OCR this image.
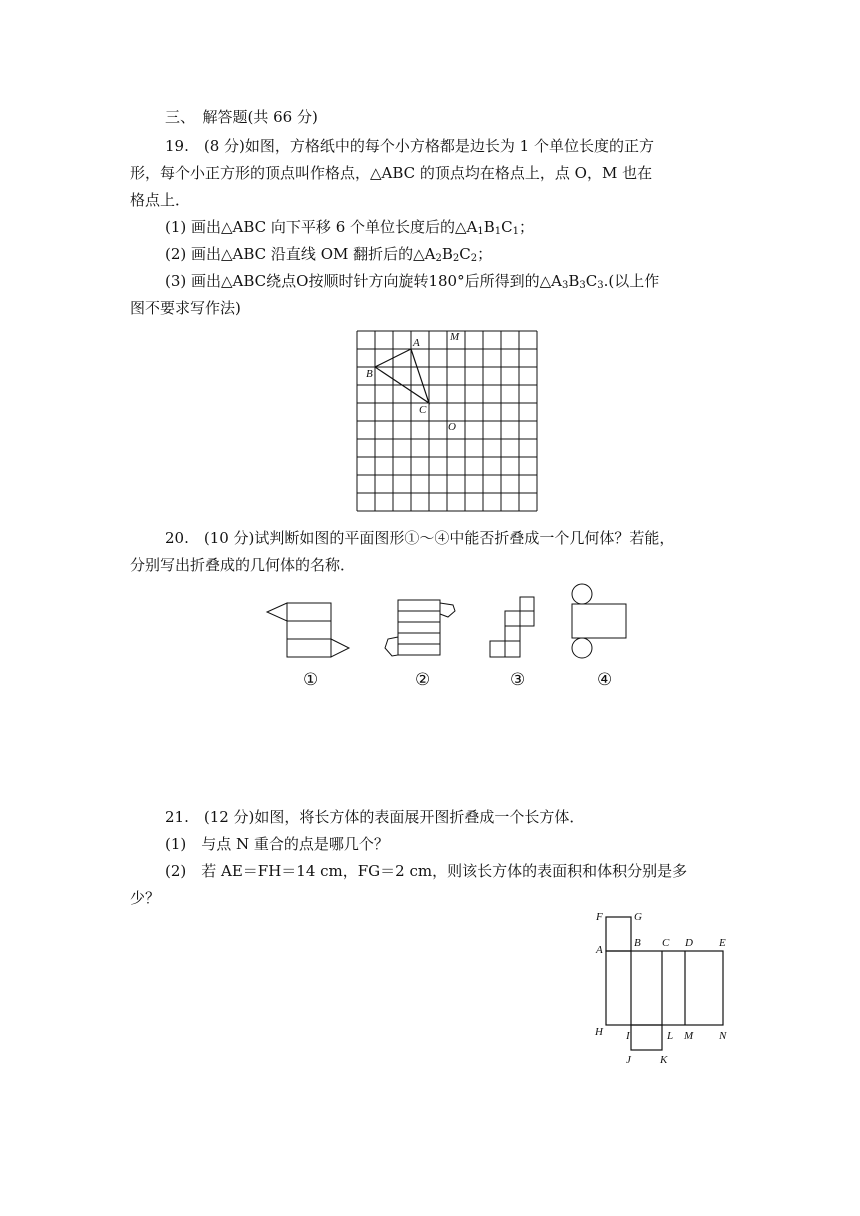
三、　解答题(共 66 分)
19.　(8 分)如图，方格纸中的每个小方格都是边长为 1 个单位长度的正方
形，每个小正方形的顶点叫作格点，△ABC 的顶点均在格点上，点 O，M 也在
格点上．
(1) 画出△ABC 向下平移 6 个单位长度后的$\triangle A_1B_1C_1$；
(2) 画出△ABC 沿直线 OM 翻折后的$\triangle A_2B_2C_2$；
(3) 画出△ABC绕点O按顺时针方向旋转180°后所得到的$\triangle A_3B_3C_3$.(以上作
图不要求写作法)
A
B
C
M
O
20.　(10 分)试判断如图的平面图形①～④中能否折叠成一个几何体？若能，
分别写出折叠成的几何体的名称．
①	②	③	④
21.　(12 分)如图，将长方体的表面展开图折叠成一个长方体．
(1)　与点 N 重合的点是哪几个？
(2)　若 AE＝FH＝14 cm，FG＝2 cm，则该长方体的表面积和体积分别是多
少？
F	G
A
B C D E
H I	L M N
J	K
